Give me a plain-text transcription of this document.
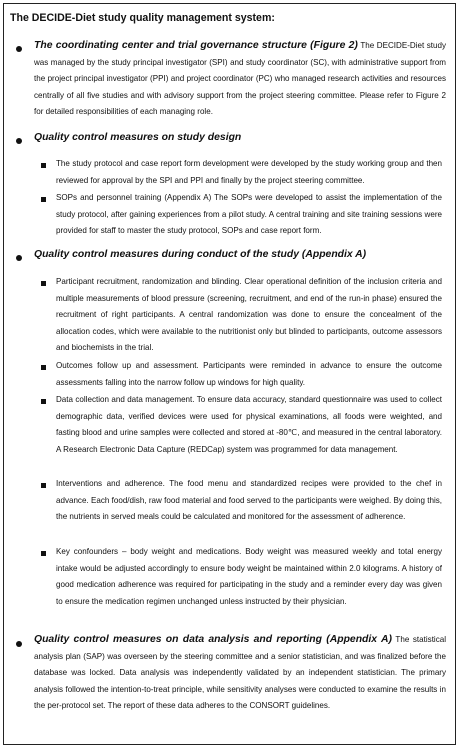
The DECIDE-Diet study quality management system:
The coordinating center and trial governance structure (Figure 2) The DECIDE-Diet study was managed by the study principal investigator (SPI) and study coordinator (SC), with administrative support from the project principal investigator (PPI) and project coordinator (PC) who managed research activities and resources centrally of all five studies and with advisory support from the project steering committee. Please refer to Figure 2 for detailed responsibilities of each managing role.
Quality control measures on study design
The study protocol and case report form development were developed by the study working group and then reviewed for approval by the SPI and PPI and finally by the project steering committee.
SOPs and personnel training (Appendix A) The SOPs were developed to assist the implementation of the study protocol, after gaining experiences from a pilot study. A central training and site training sessions were provided for staff to master the study protocol, SOPs and case report form.
Quality control measures during conduct of the study (Appendix A)
Participant recruitment, randomization and blinding. Clear operational definition of the inclusion criteria and multiple measurements of blood pressure (screening, recruitment, and end of the run-in phase) ensured the recruitment of right participants. A central randomization was done to ensure the concealment of the allocation codes, which were available to the nutritionist only but blinded to participants, outcome assessors and biochemists in the trial.
Outcomes follow up and assessment. Participants were reminded in advance to ensure the outcome assessments falling into the narrow follow up windows for high quality.
Data collection and data management. To ensure data accuracy, standard questionnaire was used to collect demographic data, verified devices were used for physical examinations, all foods were weighted, and fasting blood and urine samples were collected and stored at -80℃, and measured in the central laboratory. A Research Electronic Data Capture (REDCap) system was programmed for data management.
Interventions and adherence. The food menu and standardized recipes were provided to the chef in advance. Each food/dish, raw food material and food served to the participants were weighed. By doing this, the nutrients in served meals could be calculated and monitored for the assessment of adherence.
Key confounders – body weight and medications. Body weight was measured weekly and total energy intake would be adjusted accordingly to ensure body weight be maintained within 2.0 kilograms. A history of good medication adherence was required for participating in the study and a reminder every day was given to ensure the medication regimen unchanged unless instructed by their physician.
Quality control measures on data analysis and reporting (Appendix A) The statistical analysis plan (SAP) was overseen by the steering committee and a senior statistician, and was finalized before the database was locked. Data analysis was independently validated by an independent statistician. The primary analysis followed the intention-to-treat principle, while sensitivity analyses were conducted to examine the results in the per-protocol set. The report of these data adheres to the CONSORT guidelines.
